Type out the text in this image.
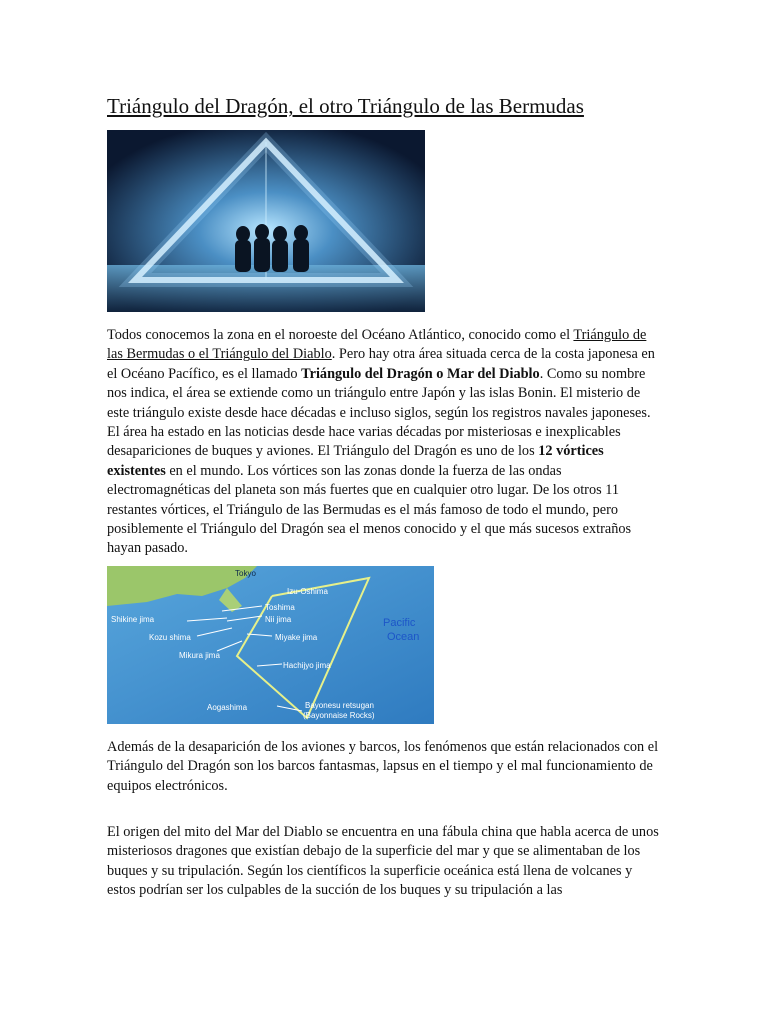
Triángulo del Dragón, el otro Triángulo de las Bermudas

Todos conocemos la zona en el noroeste del Océano Atlántico, conocido como el Triángulo de las Bermudas o el Triángulo del Diablo. Pero hay otra área situada cerca de la costa japonesa en el Océano Pacífico, es el llamado Triángulo del Dragón o Mar del Diablo. Como su nombre nos indica, el área se extiende como un triángulo entre Japón y las islas Bonin. El misterio de este triángulo existe desde hace décadas e incluso siglos, según los registros navales japoneses. El área ha estado en las noticias desde hace varias décadas por misteriosas e inexplicables desapariciones de buques y aviones. El Triángulo del Dragón es uno de los 12 vórtices existentes en el mundo. Los vórtices son las zonas donde la fuerza de las ondas electromagnéticas del planeta son más fuertes que en cualquier otro lugar. De los otros 11 restantes vórtices, el Triángulo de las Bermudas es el más famoso de todo el mundo, pero posiblemente el Triángulo del Dragón sea el menos conocido y el que más sucesos extraños hayan pasado.

Tokyo
Izu-Oshima
Toshima
Shikine jima	Nii jima
Kozu shima	Miyake jima
Mikura jima
Hachijyo jima
Aogashima	Bayonesu retsugan
(Bayonnaise Rocks)
Pacific
Ocean

Además de la desaparición de los aviones y barcos, los fenómenos que están relacionados con el Triángulo del Dragón son los barcos fantasmas, lapsus en el tiempo y el mal funcionamiento de equipos electrónicos.

El origen del mito del Mar del Diablo se encuentra en una fábula china que habla acerca de unos misteriosos dragones que existían debajo de la superficie del mar y que se alimentaban de los buques y su tripulación. Según los científicos la superficie oceánica está llena de volcanes y estos podrían ser los culpables de la succión de los buques y su tripulación a las
